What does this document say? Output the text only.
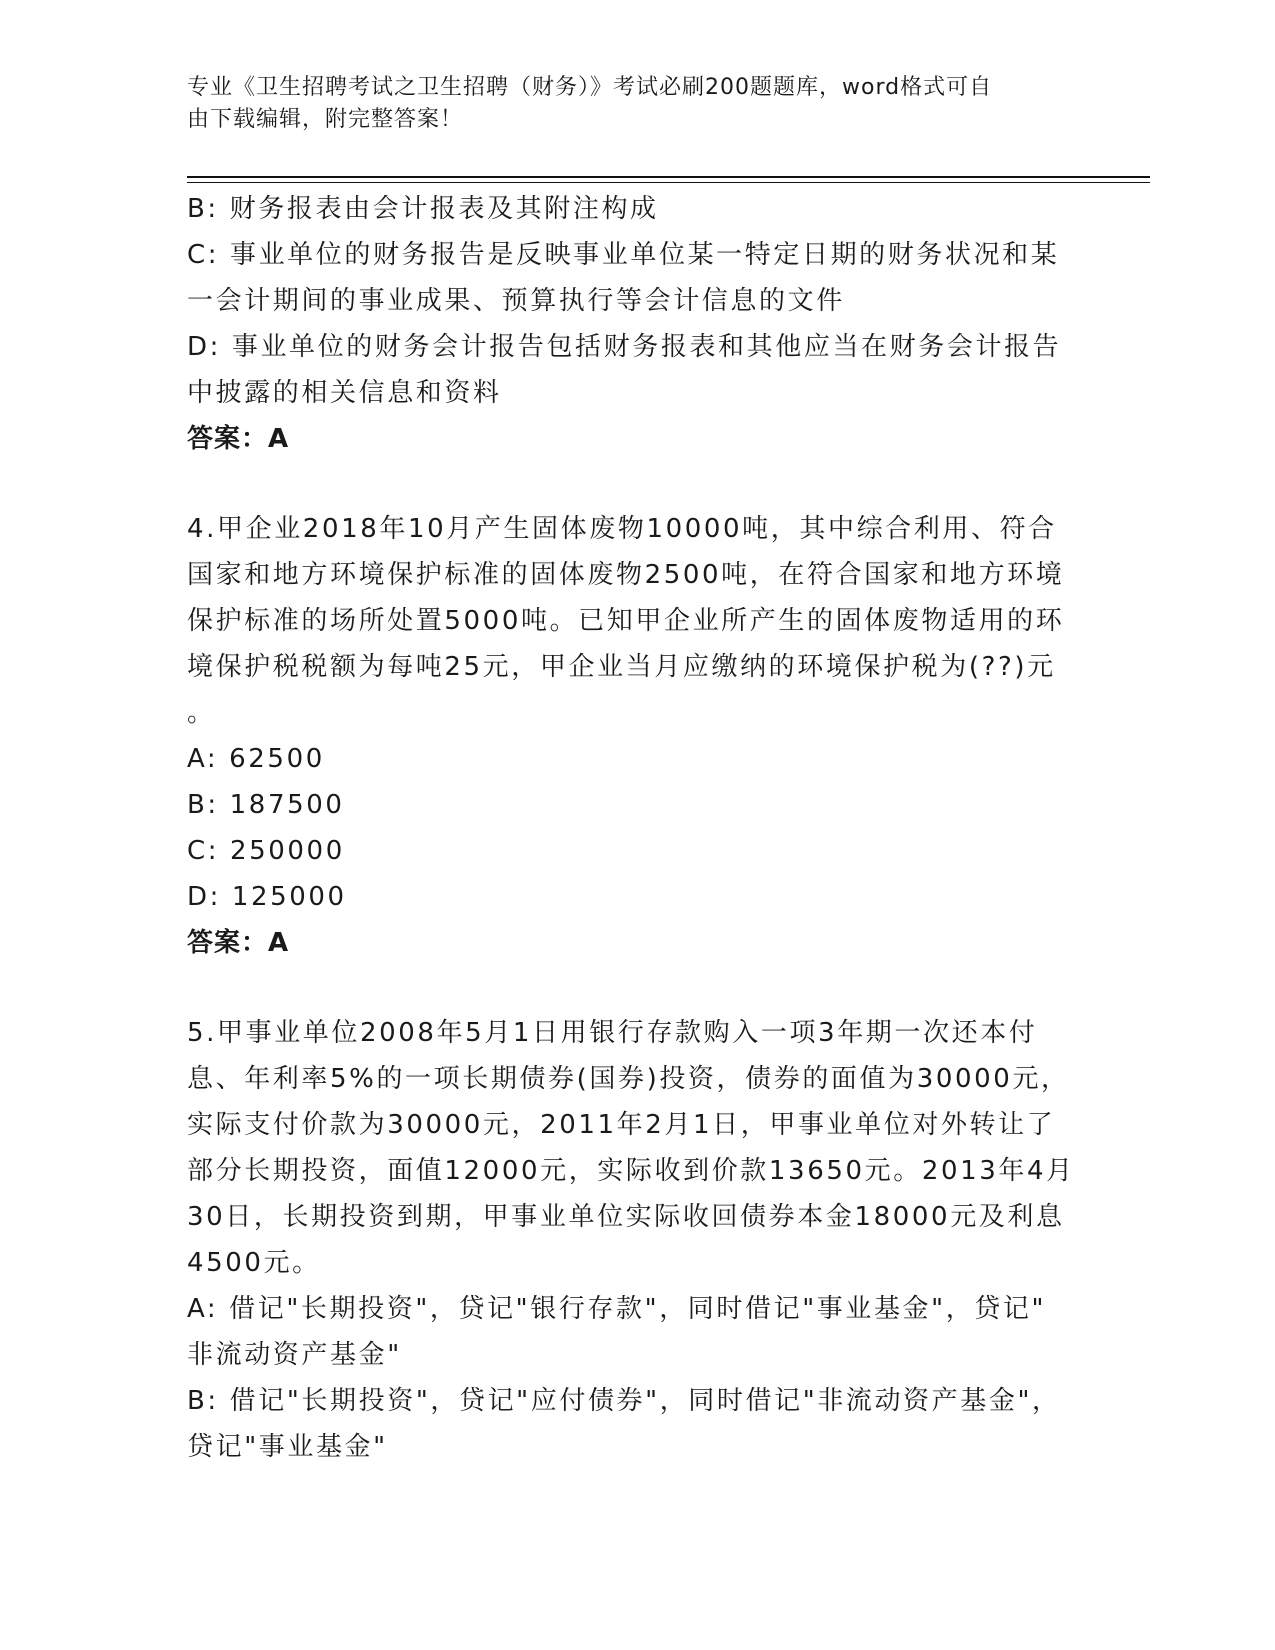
专业《卫生招聘考试之卫生招聘（财务）》考试必刷200题题库，word格式可自
由下载编辑，附完整答案！
B: 财务报表由会计报表及其附注构成
C: 事业单位的财务报告是反映事业单位某一特定日期的财务状况和某
一会计期间的事业成果、预算执行等会计信息的文件
D: 事业单位的财务会计报告包括财务报表和其他应当在财务会计报告
中披露的相关信息和资料
答案：A
4.甲企业2018年10月产生固体废物10000吨，其中综合利用、符合
国家和地方环境保护标准的固体废物2500吨，在符合国家和地方环境
保护标准的场所处置5000吨。已知甲企业所产生的固体废物适用的环
境保护税税额为每吨25元，甲企业当月应缴纳的环境保护税为(??)元
。
A: 62500
B: 187500
C: 250000
D: 125000
答案：A
5.甲事业单位2008年5月1日用银行存款购入一项3年期一次还本付
息、年利率5%的一项长期债券(国券)投资，债券的面值为30000元，
实际支付价款为30000元，2011年2月1日，甲事业单位对外转让了
部分长期投资，面值12000元，实际收到价款13650元。2013年4月
30日，长期投资到期，甲事业单位实际收回债券本金18000元及利息
4500元。
A: 借记"长期投资"，贷记"银行存款"，同时借记"事业基金"，贷记"
非流动资产基金"
B: 借记"长期投资"，贷记"应付债券"，同时借记"非流动资产基金"，
贷记"事业基金"
